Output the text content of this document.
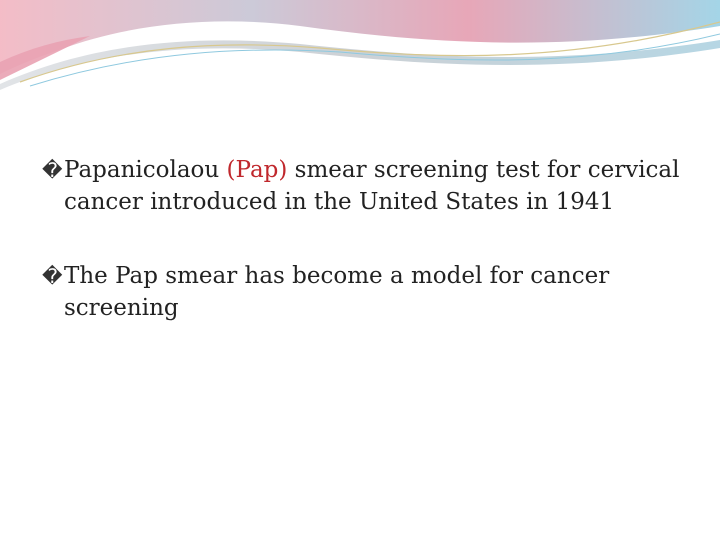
� Papanicolaou (Pap) smear screening test for cervical cancer introduced in the United States in 1941
� The Pap smear has become a model for cancer screening
